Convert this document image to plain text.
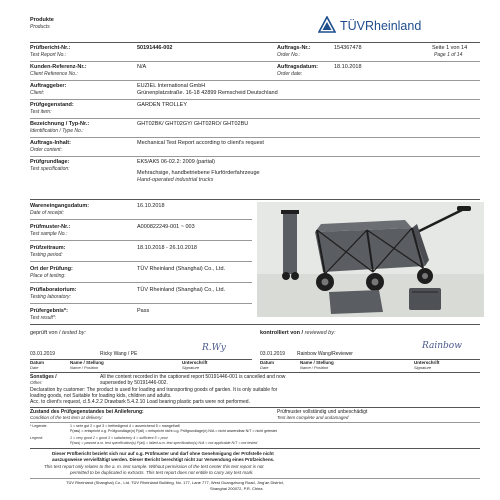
Produkte
Products	TÜVRheinland
Prüfbericht-Nr.:
Test Report No.:
50191446-002	Auftrags-Nr.:
Order No.:
154367478	Seite 1 von 14
Page 1 of 14
Kunden-Referenz-Nr.:
Client Reference No.:
N/A	Auftragsdatum:
Order date:
18.10.2018
Auftraggeber:
Client:
EUZIEL International GmbH
Grünenplatzstraße. 16-18 42899 Remscheid Deutschland
Prüfgegenstand:
Test item:
GARDEN TROLLEY
Bezeichnung / Typ-Nr.:
Identification / Type No.:
GHT02BK/ GHT02GY/ GHT02RO/ GHT02BU
Auftrags-Inhalt:
Order content:
Mechanical Test Report according to client's request
Prüfgrundlage:
Test specification:
EK5/AK5 06-02.2: 2009 (partial)
Mehrachsige, handbetriebene Flurförderfahrzeuge
Hand-operated industrial trucks
Wareneingangsdatum:
Date of receipt:
16.10.2018
Prüfmuster-Nr.:
Test sample No.:
A000822249-001 ~ 003
Prüfzeitraum:
Testing period:
18.10.2018 - 26.10.2018
Ort der Prüfung:
Place of testing:
TÜV Rheinland (Shanghai) Co., Ltd.
Prüflaboratorium:
Testing laboratory:
TÜV Rheinland (Shanghai) Co., Ltd.
Prüfergebnis*:
Test result*:
Pass
geprüft von / tested by:	kontrolliert von / reviewed by:
03.01.2019	Ricky Wang / PE
R.Wy
03.01.2019 Rainbow Wang/Reviewer
Rainbow
Datum
Date
Name / Stellung
Name / Position
Unterschrift
Signature
Datum
Date
Name / Stellung
Name / Position
Unterschrift
Signature
Sonstiges /
Other:
All the content recorded in the captioned report 50191446-001 is cancelled and now
superseded by 50191446-002.
Declaration by customer: The product is used for loading and transporting goods of garden. It is only suitable for
loading goods, not Suitable for loading kids, children and adults.
Acc. to client's request, cl.5.4.2.2 Drawbark 5.4.2.10 Load bearing plastic parts were not performed.
Zustand des Prüfgegenstandes bei Anlieferung:
Condition of the test item at delivery:
Prüfmuster vollständig und unbeschädigt
Test item complete and undamaged
* Legende:
Legend:
1 = sehr gut 2 = gut 3 = befriedigend 4 = ausreichend 5 = mangelhaft
P(ass) = entspricht o.g. Prüfgrundlage(n) F(ail) = entspricht nicht o.g. Prüfgrundlage(n) N/A = nicht anwendbar N/T = nicht getestet
1 = very good 2 = good 3 = satisfactory 4 = sufficient 5 = poor
P(ass) = passed a.m. test specification(s) F(ail) = failed a.m. test specification(s) N/A = not applicable N/T = not tested
Dieser Prüfbericht bezieht sich nur auf o.g. Prüfmuster und darf ohne Genehmigung der Prüfstelle nicht
auszugsweise vervielfältigt werden. Dieser Bericht berechtigt nicht zur Verwendung eines Prüfzeichens.
This test report only relates to the a. m. test sample. Without permission of the test center this test report is not
permitted to be duplicated in extracts. This test report does not entitle to carry any test mark.
TÜV Rheinland (Shanghai) Co., Ltd. TÜV Rheinland Building, No. 177, Lane 777, West Guangzhong Road, Jing'an District,
Shanghai 200072, P.R. China
